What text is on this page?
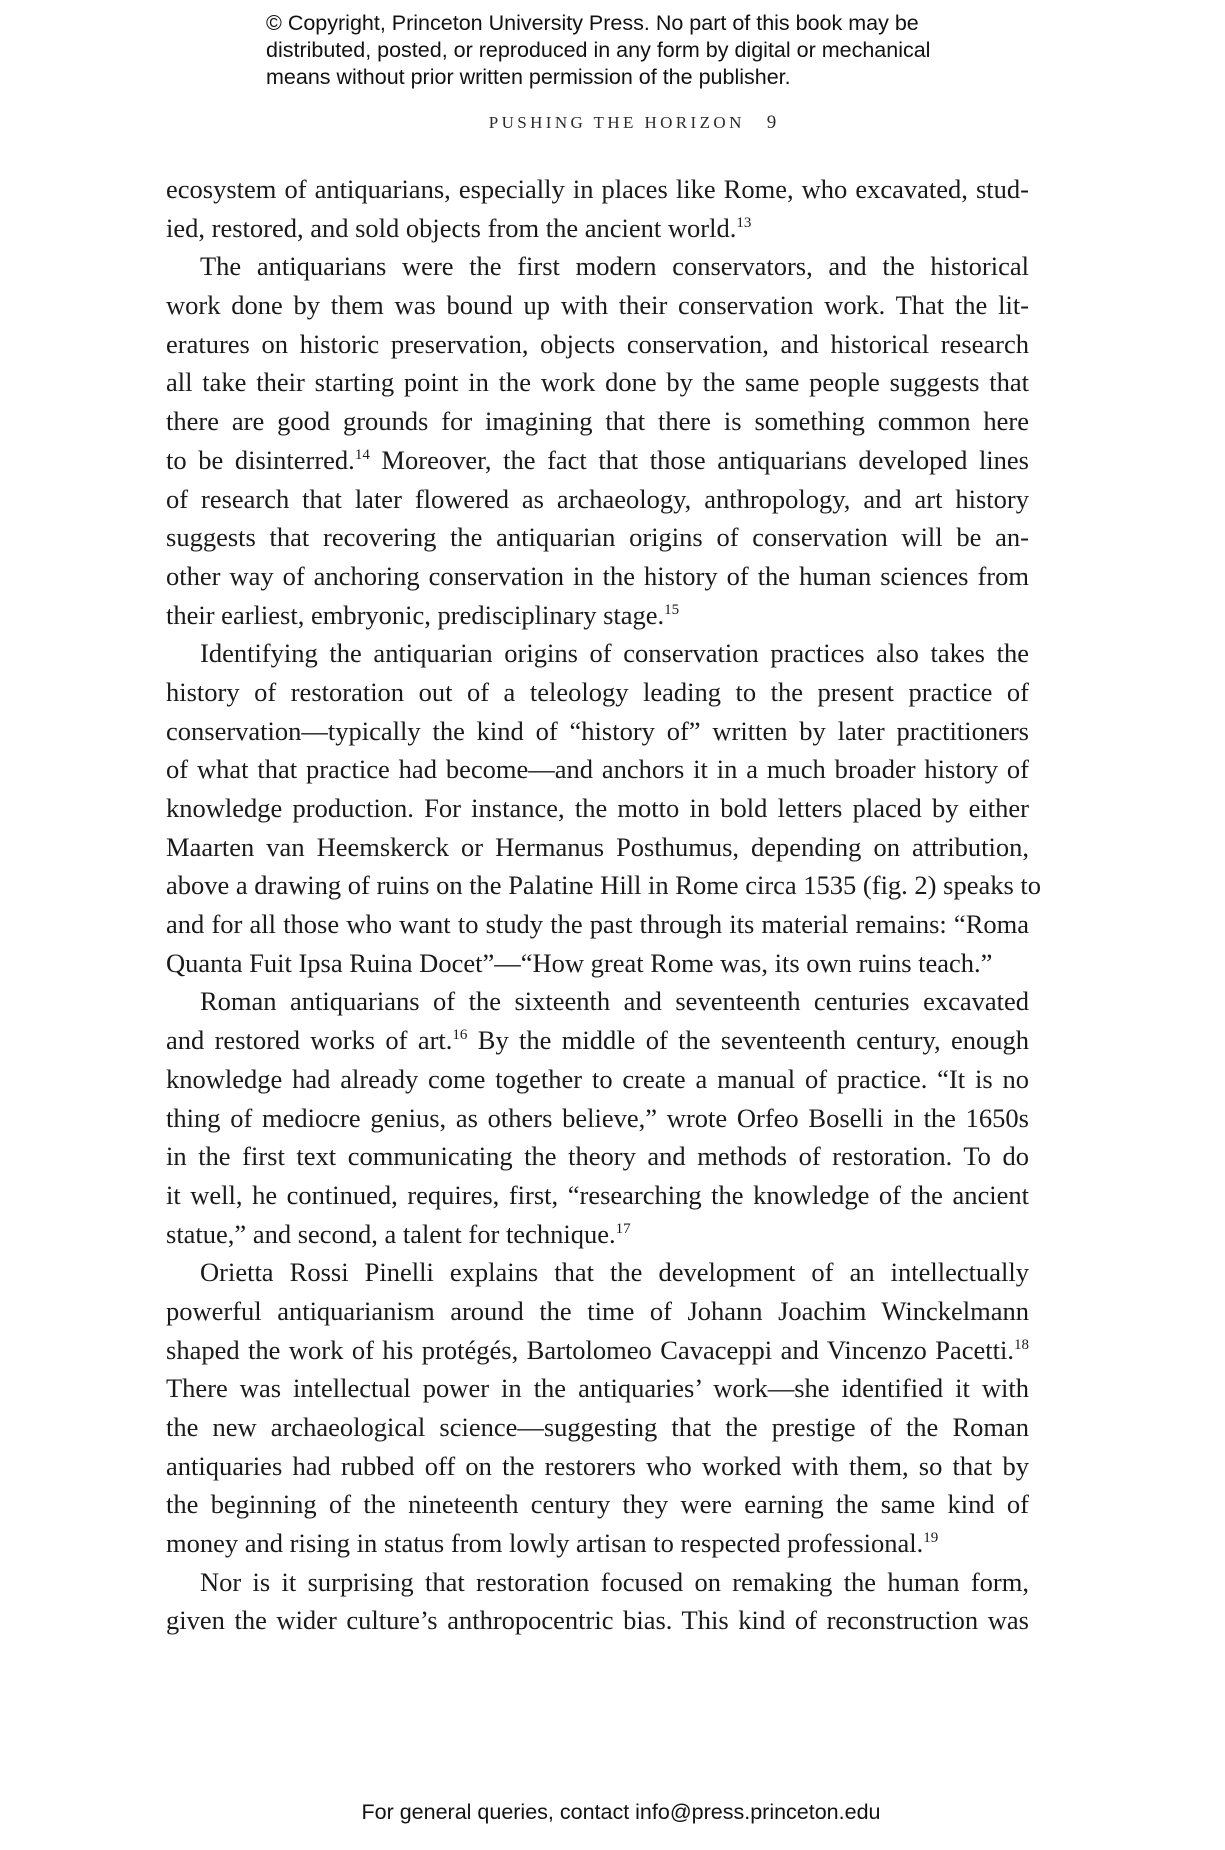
© Copyright, Princeton University Press. No part of this book may be
distributed, posted, or reproduced in any form by digital or mechanical
means without prior written permission of the publisher.
PUSHING THE HORIZON 9
ecosystem of antiquarians, especially in places like Rome, who excavated, stud-
ied, restored, and sold objects from the ancient world.$^{13}$
The antiquarians were the first modern conservators, and the historical
work done by them was bound up with their conservation work. That the lit-
eratures on historic preservation, objects conservation, and historical research
all take their starting point in the work done by the same people suggests that
there are good grounds for imagining that there is something common here
to be disinterred.$^{14}$ Moreover, the fact that those antiquarians developed lines
of research that later flowered as archaeology, anthropology, and art history
suggests that recovering the antiquarian origins of conservation will be an-
other way of anchoring conservation in the history of the human sciences from
their earliest, embryonic, predisciplinary stage.$^{15}$
Identifying the antiquarian origins of conservation practices also takes the
history of restoration out of a teleology leading to the present practice of
conservation—typically the kind of “history of” written by later practitioners
of what that practice had become—and anchors it in a much broader history of
knowledge production. For instance, the motto in bold letters placed by either
Maarten van Heemskerck or Hermanus Posthumus, depending on attribution,
above a drawing of ruins on the Palatine Hill in Rome circa 1535 (fig. 2) speaks to
and for all those who want to study the past through its material remains: “Roma
Quanta Fuit Ipsa Ruina Docet”—“How great Rome was, its own ruins teach.”
Roman antiquarians of the sixteenth and seventeenth centuries excavated
and restored works of art.$^{16}$ By the middle of the seventeenth century, enough
knowledge had already come together to create a manual of practice. “It is no
thing of mediocre genius, as others believe,” wrote Orfeo Boselli in the 1650s
in the first text communicating the theory and methods of restoration. To do
it well, he continued, requires, first, “researching the knowledge of the ancient
statue,” and second, a talent for technique.$^{17}$
Orietta Rossi Pinelli explains that the development of an intellectually
powerful antiquarianism around the time of Johann Joachim Winckelmann
shaped the work of his protégés, Bartolomeo Cavaceppi and Vincenzo Pacetti.$^{18}$
There was intellectual power in the antiquaries’ work—she identified it with
the new archaeological science—suggesting that the prestige of the Roman
antiquaries had rubbed off on the restorers who worked with them, so that by
the beginning of the nineteenth century they were earning the same kind of
money and rising in status from lowly artisan to respected professional.$^{19}$
Nor is it surprising that restoration focused on remaking the human form,
given the wider culture’s anthropocentric bias. This kind of reconstruction was
For general queries, contact info@press.princeton.edu
